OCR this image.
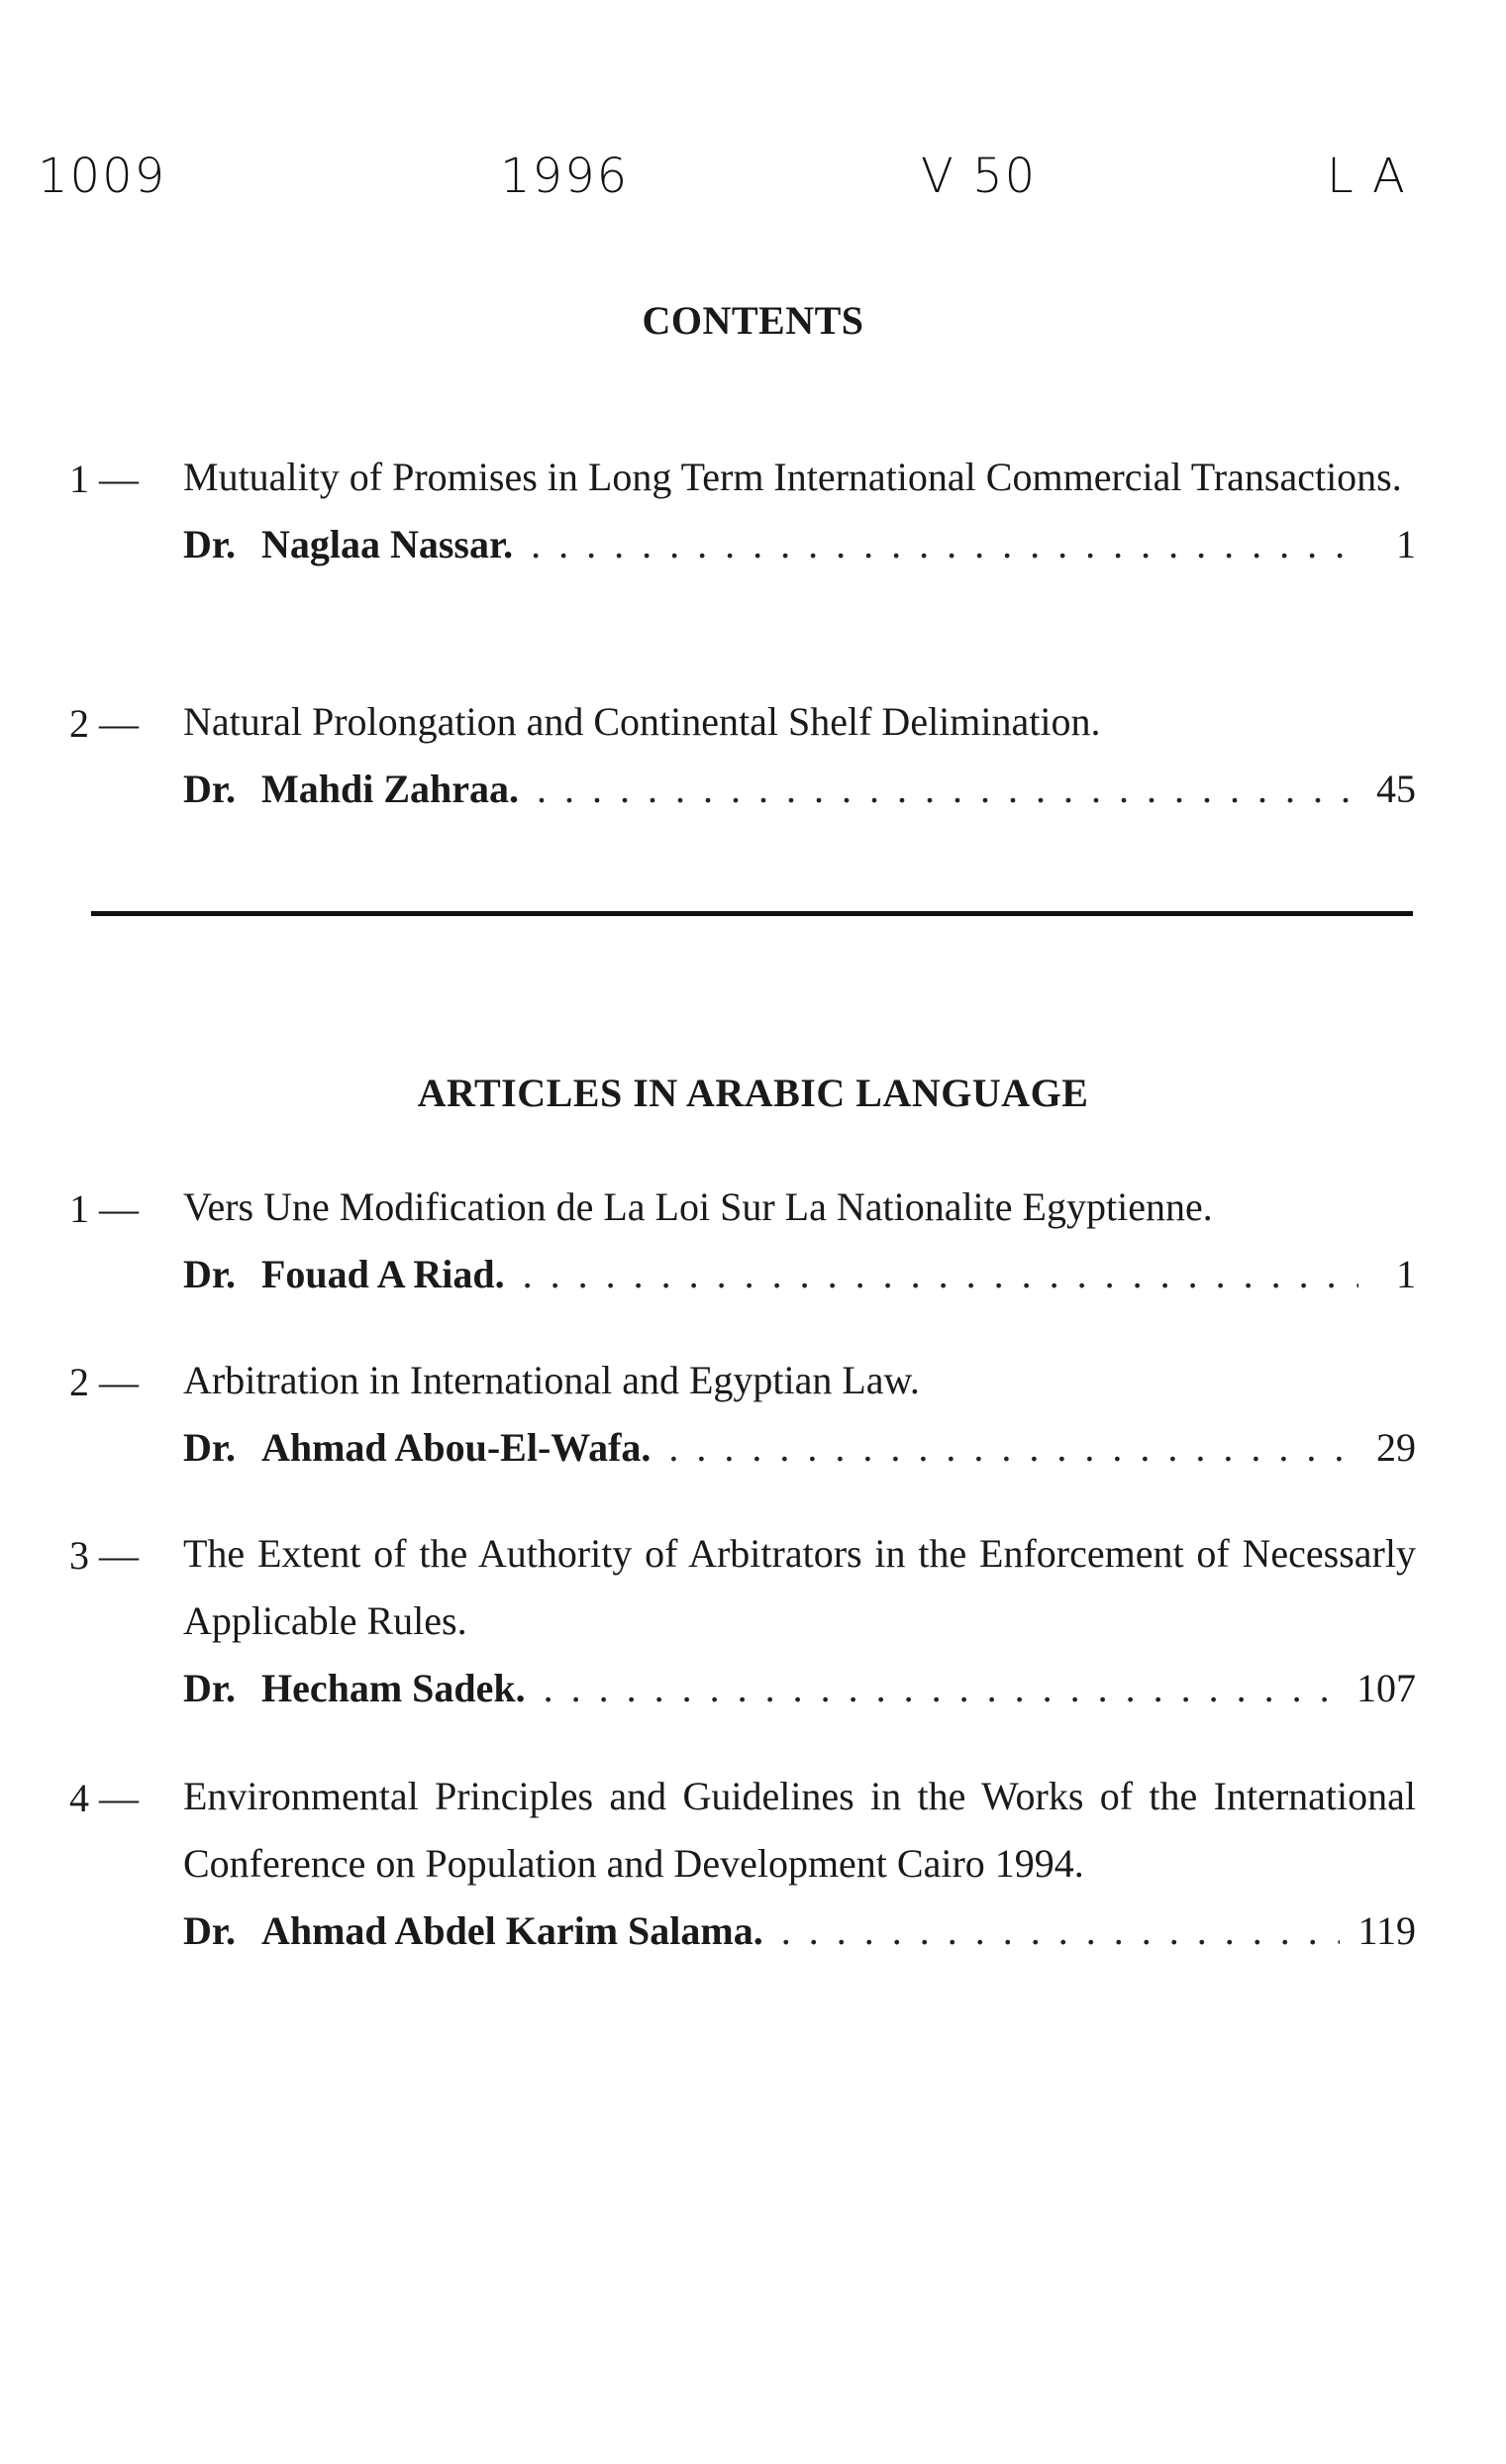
1009	1996	V 50	L A
CONTENTS
1 —	Mutuality of Promises in Long Term International Commercial Transactions.
Dr. Naglaa Nassar. . . .	1
2 —	Natural Prolongation and Continental Shelf Delimination.
Dr. Mahdi Zahraa. . . .	45
ARTICLES IN ARABIC LANGUAGE
1 —	Vers Une Modification de La Loi Sur La Nationalite Egyptienne.
Dr. Fouad A Riad. . . .	1
2 —	Arbitration in International and Egyptian Law.
Dr. Ahmad Abou-El-Wafa. . . .	29
3 —	The Extent of the Authority of Arbitrators in the Enforcement of Necessarly Applicable Rules.
Dr. Hecham Sadek. . . .	107
4 —	Environmental Principles and Guidelines in the Works of the International Conference on Population and Development Cairo 1994.
Dr. Ahmad Abdel Karim Salama. . . .	119
